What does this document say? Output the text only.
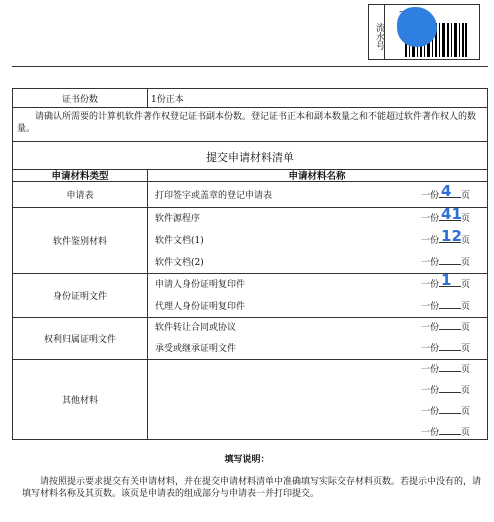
流水号
证书份数	1份正本
请确认所需要的计算机软件著作权登记证书副本份数。登记证书正本和副本数量之和不能超过软件著作权人的数量。
提交申请材料清单
申请材料类型	申请材料名称
申请表	打印签字或盖章的登记申请表	一份 4 页
软件鉴别材料
软件源程序	一份 41 页
软件文档(1)	一份 12 页
软件文档(2)	一份 页
身份证明文件
申请人身份证明复印件	一份 1 页
代理人身份证明复印件	一份 页
权利归属证明文件
软件转让合同或协议	一份 页
承受或继承证明文件	一份 页
其他材料
一份 页
一份 页
一份 页
一份 页
填写说明：
请按照提示要求提交有关申请材料，并在提交申请材料清单中准确填写实际交存材料页数。若提示中没有的，请填写材料名称及其页数。该页是申请表的组成部分与申请表一并打印提交。
